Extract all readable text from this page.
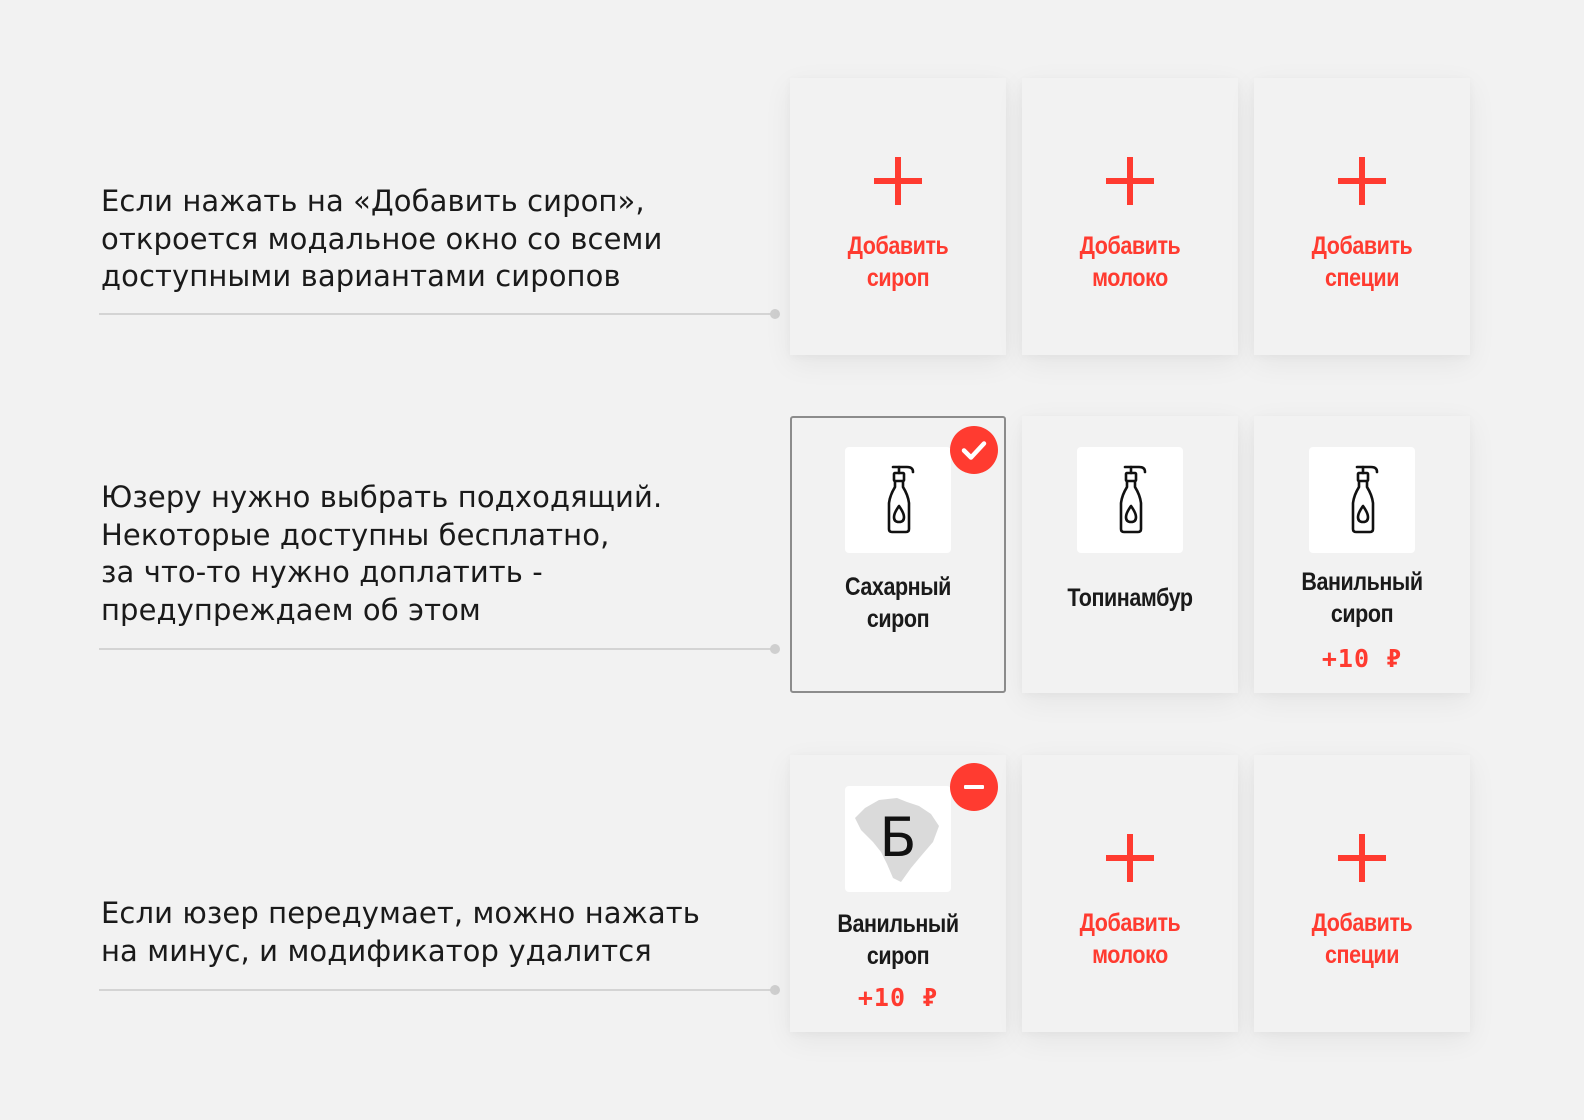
Если нажать на «Добавить сироп»,
откроется модальное окно со всеми
доступными вариантами сиропов
Добавить
сироп
Добавить
молоко
Добавить
специи
Юзеру нужно выбрать подходящий.
Некоторые доступны бесплатно,
за что-то нужно доплатить -
предупреждаем об этом
Сахарный
сироп
Топинамбур
Ванильный
сироп
+10 ₽
Если юзер передумает, можно нажать
на минус, и модификатор удалится
Б
Ванильный
сироп
+10 ₽
Добавить
молоко
Добавить
специи
